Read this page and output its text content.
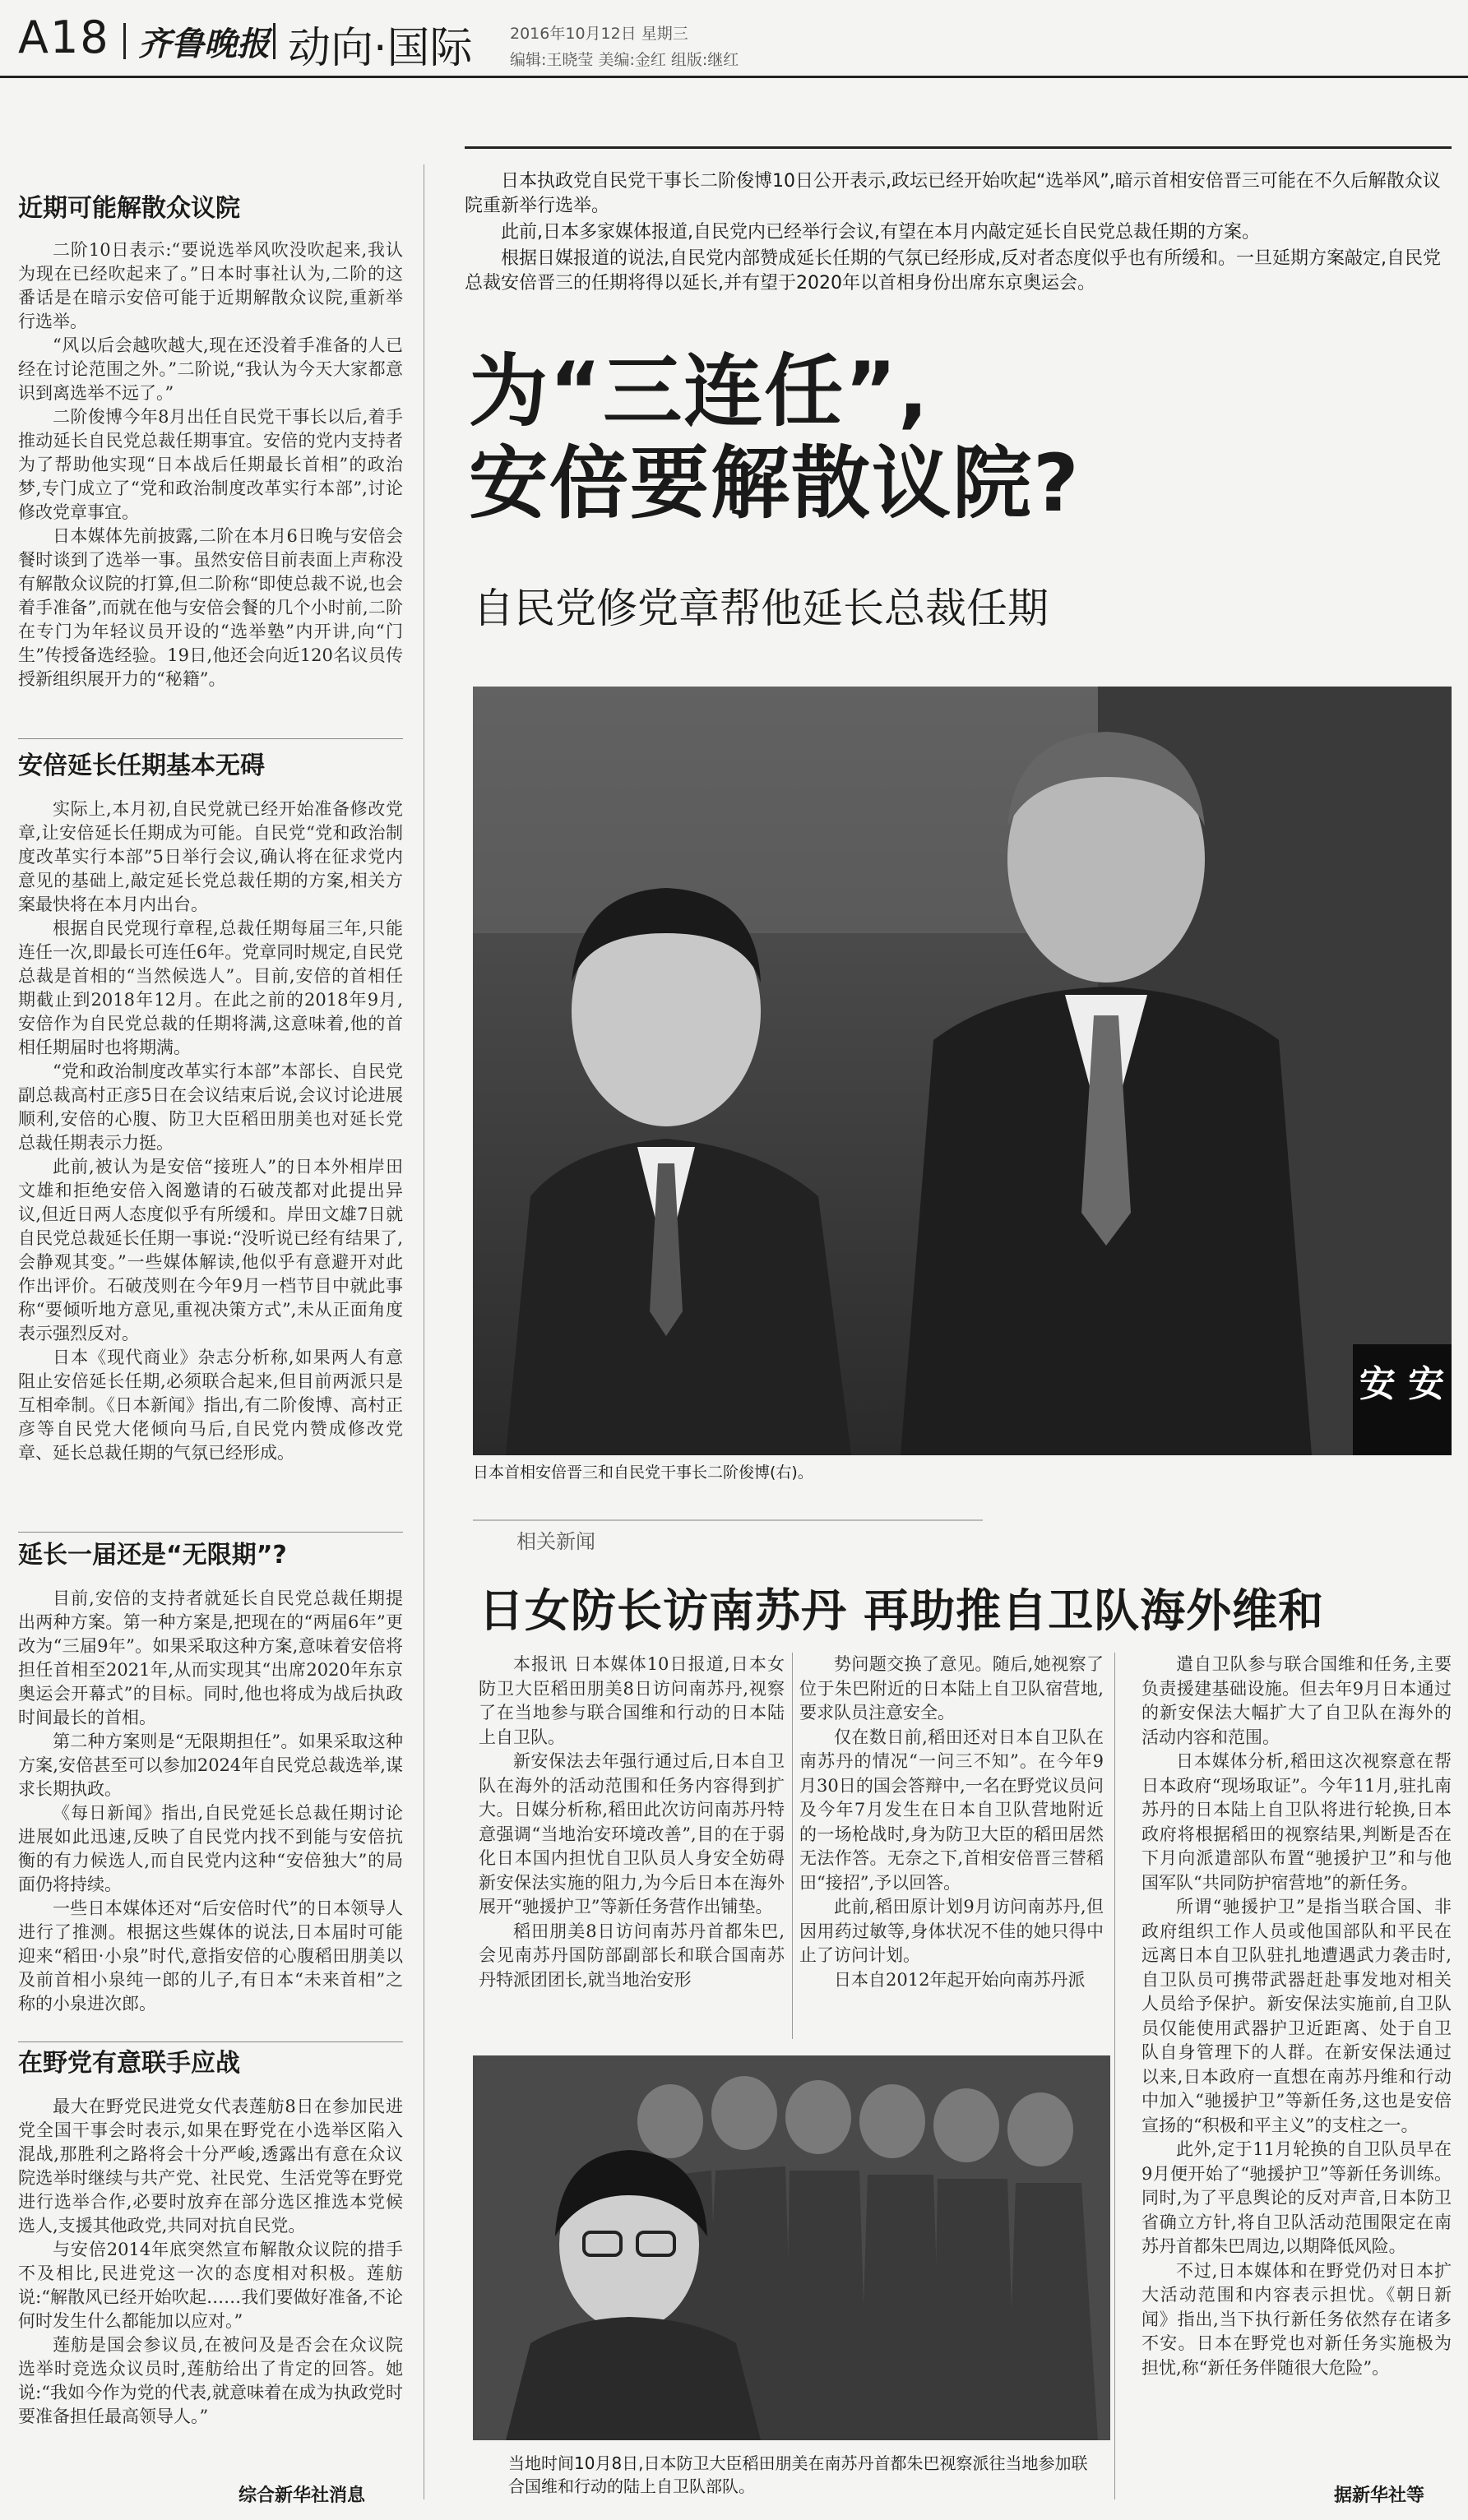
A18 齐鲁晚报 动向·国际 2016年10月12日 星期三
编辑:王晓莹 美编:金红 组版:继红
近期可能解散众议院

二阶10日表示:“要说选举风吹没吹起来,我认为现在已经吹起来了。”日本时事社认为,二阶的这番话是在暗示安倍可能于近期解散众议院,重新举行选举。

“风以后会越吹越大,现在还没着手准备的人已经在讨论范围之外。”二阶说,“我认为今天大家都意识到离选举不远了。”

二阶俊博今年8月出任自民党干事长以后,着手推动延长自民党总裁任期事宜。安倍的党内支持者为了帮助他实现“日本战后任期最长首相”的政治梦,专门成立了“党和政治制度改革实行本部”,讨论修改党章事宜。

日本媒体先前披露,二阶在本月6日晚与安倍会餐时谈到了选举一事。虽然安倍目前表面上声称没有解散众议院的打算,但二阶称“即使总裁不说,也会着手准备”,而就在他与安倍会餐的几个小时前,二阶在专门为年轻议员开设的“选举塾”内开讲,向“门生”传授备选经验。19日,他还会向近120名议员传授新组织展开力的“秘籍”。

安倍延长任期基本无碍

实际上,本月初,自民党就已经开始准备修改党章,让安倍延长任期成为可能。自民党“党和政治制度改革实行本部”5日举行会议,确认将在征求党内意见的基础上,敲定延长党总裁任期的方案,相关方案最快将在本月内出台。

根据自民党现行章程,总裁任期每届三年,只能连任一次,即最长可连任6年。党章同时规定,自民党总裁是首相的“当然候选人”。目前,安倍的首相任期截止到2018年12月。在此之前的2018年9月,安倍作为自民党总裁的任期将满,这意味着,他的首相任期届时也将期满。

“党和政治制度改革实行本部”本部长、自民党副总裁高村正彦5日在会议结束后说,会议讨论进展顺利,安倍的心腹、防卫大臣稻田朋美也对延长党总裁任期表示力挺。

此前,被认为是安倍“接班人”的日本外相岸田文雄和拒绝安倍入阁邀请的石破茂都对此提出异议,但近日两人态度似乎有所缓和。岸田文雄7日就自民党总裁延长任期一事说:“没听说已经有结果了,会静观其变。”一些媒体解读,他似乎有意避开对此作出评价。石破茂则在今年9月一档节目中就此事称“要倾听地方意见,重视决策方式”,未从正面角度表示强烈反对。

日本《现代商业》杂志分析称,如果两人有意阻止安倍延长任期,必须联合起来,但目前两派只是互相牵制。《日本新闻》指出,有二阶俊博、高村正彦等自民党大佬倾向马后,自民党内赞成修改党章、延长总裁任期的气氛已经形成。

延长一届还是“无限期”?

目前,安倍的支持者就延长自民党总裁任期提出两种方案。第一种方案是,把现在的“两届6年”更改为“三届9年”。如果采取这种方案,意味着安倍将担任首相至2021年,从而实现其“出席2020年东京奥运会开幕式”的目标。同时,他也将成为战后执政时间最长的首相。

第二种方案则是“无限期担任”。如果采取这种方案,安倍甚至可以参加2024年自民党总裁选举,谋求长期执政。

《每日新闻》指出,自民党延长总裁任期讨论进展如此迅速,反映了自民党内找不到能与安倍抗衡的有力候选人,而自民党内这种“安倍独大”的局面仍将持续。

一些日本媒体还对“后安倍时代”的日本领导人进行了推测。根据这些媒体的说法,日本届时可能迎来“稻田·小泉”时代,意指安倍的心腹稻田朋美以及前首相小泉纯一郎的儿子,有日本“未来首相”之称的小泉进次郎。

在野党有意联手应战

最大在野党民进党女代表莲舫8日在参加民进党全国干事会时表示,如果在野党在小选举区陷入混战,那胜利之路将会十分严峻,透露出有意在众议院选举时继续与共产党、社民党、生活党等在野党进行选举合作,必要时放弃在部分选区推选本党候选人,支援其他政党,共同对抗自民党。

与安倍2014年底突然宣布解散众议院的措手不及相比,民进党这一次的态度相对积极。莲舫说:“解散风已经开始吹起……我们要做好准备,不论何时发生什么都能加以应对。”

莲舫是国会参议员,在被问及是否会在众议院选举时竞选众议员时,莲舫给出了肯定的回答。她说:“我如今作为党的代表,就意味着在成为执政党时要准备担任最高领导人。”

综合新华社消息

日本执政党自民党干事长二阶俊博10日公开表示,政坛已经开始吹起“选举风”,暗示首相安倍晋三可能在不久后解散众议院重新举行选举。

此前,日本多家媒体报道,自民党内已经举行会议,有望在本月内敲定延长自民党总裁任期的方案。

根据日媒报道的说法,自民党内部赞成延长任期的气氛已经形成,反对者态度似乎也有所缓和。一旦延期方案敲定,自民党总裁安倍晋三的任期将得以延长,并有望于2020年以首相身份出席东京奥运会。

为“三连任”,
安倍要解散议院?
自民党修党章帮他延长总裁任期
安 安
日本首相安倍晋三和自民党干事长二阶俊博(右)。
相关新闻
日女防长访南苏丹 再助推自卫队海外维和

本报讯 日本媒体10日报道,日本女防卫大臣稻田朋美8日访问南苏丹,视察了在当地参与联合国维和行动的日本陆上自卫队。

新安保法去年强行通过后,日本自卫队在海外的活动范围和任务内容得到扩大。日媒分析称,稻田此次访问南苏丹特意强调“当地治安环境改善”,目的在于弱化日本国内担忧自卫队员人身安全妨碍新安保法实施的阻力,为今后日本在海外展开“驰援护卫”等新任务营作出铺垫。

稻田朋美8日访问南苏丹首都朱巴,会见南苏丹国防部副部长和联合国南苏丹特派团团长,就当地治安形

势问题交换了意见。随后,她视察了位于朱巴附近的日本陆上自卫队宿营地,要求队员注意安全。

仅在数日前,稻田还对日本自卫队在南苏丹的情况“一问三不知”。在今年9月30日的国会答辩中,一名在野党议员问及今年7月发生在日本自卫队营地附近的一场枪战时,身为防卫大臣的稻田居然无法作答。无奈之下,首相安倍晋三替稻田“接招”,予以回答。

此前,稻田原计划9月访问南苏丹,但因用药过敏等,身体状况不佳的她只得中止了访问计划。

日本自2012年起开始向南苏丹派

遣自卫队参与联合国维和任务,主要负责援建基础设施。但去年9月日本通过的新安保法大幅扩大了自卫队在海外的活动内容和范围。

日本媒体分析,稻田这次视察意在帮日本政府“现场取证”。今年11月,驻扎南苏丹的日本陆上自卫队将进行轮换,日本政府将根据稻田的视察结果,判断是否在下月向派遣部队布置“驰援护卫”和与他国军队“共同防护宿营地”的新任务。

所谓“驰援护卫”是指当联合国、非政府组织工作人员或他国部队和平民在远离日本自卫队驻扎地遭遇武力袭击时,自卫队员可携带武器赶赴事发地对相关人员给予保护。新安保法实施前,自卫队员仅能使用武器护卫近距离、处于自卫队自身管理下的人群。在新安保法通过以来,日本政府一直想在南苏丹维和行动中加入“驰援护卫”等新任务,这也是安倍宣扬的“积极和平主义”的支柱之一。

此外,定于11月轮换的自卫队员早在9月便开始了“驰援护卫”等新任务训练。同时,为了平息舆论的反对声音,日本防卫省确立方针,将自卫队活动范围限定在南苏丹首都朱巴周边,以期降低风险。

不过,日本媒体和在野党仍对日本扩大活动范围和内容表示担忧。《朝日新闻》指出,当下执行新任务依然存在诸多不安。日本在野党也对新任务实施极为担忧,称“新任务伴随很大危险”。

据新华社等
当地时间10月8日,日本防卫大臣稻田朋美在南苏丹首都朱巴视察派往当地参加联合国维和行动的陆上自卫队部队。
